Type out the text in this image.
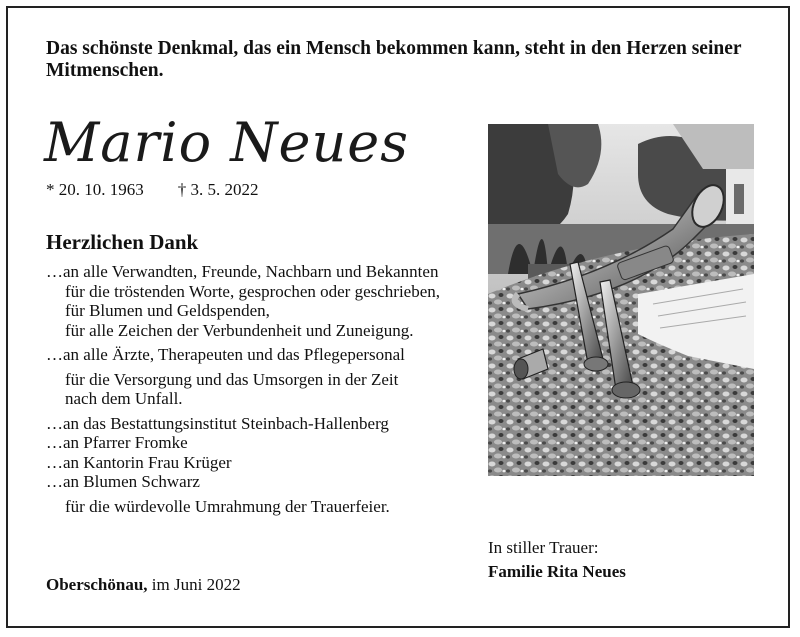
Das schönste Denkmal, das ein Mensch bekommen kann, steht in den Herzen seiner Mitmenschen.
Mario Neues
* 20. 10. 1963 † 3. 5. 2022
Herzlichen Dank
…an alle Verwandten, Freunde, Nachbarn und Bekannten
für die tröstenden Worte, gesprochen oder geschrieben,
für Blumen und Geldspenden,
für alle Zeichen der Verbundenheit und Zuneigung.
…an alle Ärzte, Therapeuten und das Pflegepersonal
für die Versorgung und das Umsorgen in der Zeit
nach dem Unfall.
…an das Bestattungsinstitut Steinbach-Hallenberg
…an Pfarrer Fromke
…an Kantorin Frau Krüger
…an Blumen Schwarz
für die würdevolle Umrahmung der Trauerfeier.
In stiller Trauer:
Familie Rita Neues
Oberschönau, im Juni 2022
